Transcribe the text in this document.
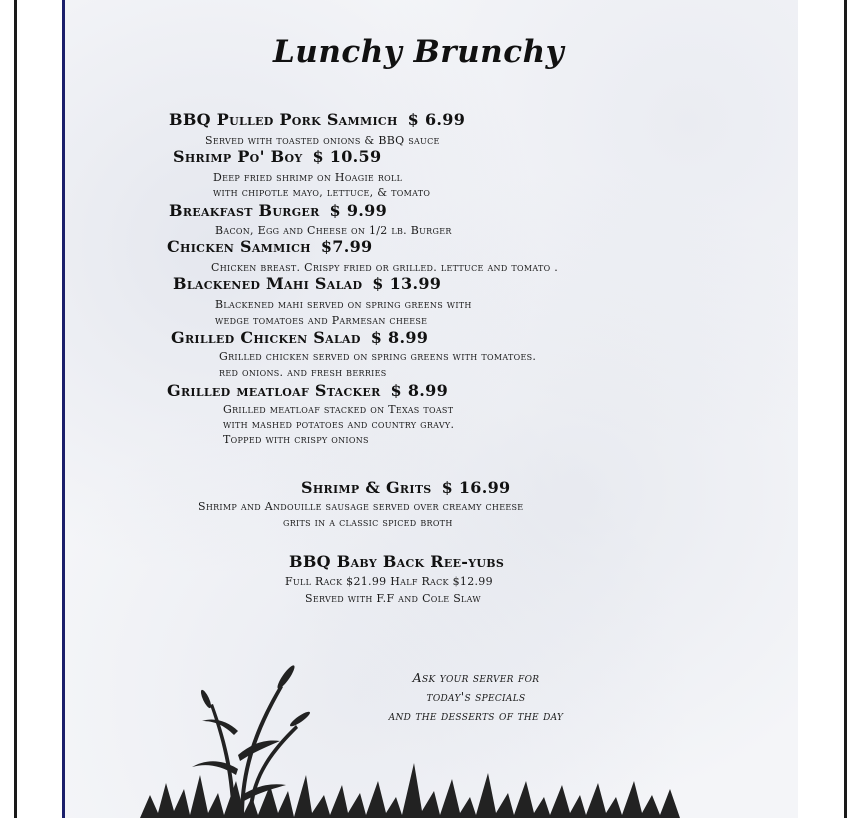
Lunchy Brunchy
BBQ Pulled Pork Sammich $ 6.99
Served with toasted onions & BBQ sauce
Shrimp Po' Boy $ 10.59
Deep fried shrimp on Hoagie roll
with chipotle mayo, lettuce, & tomato
Breakfast Burger $ 9.99
Bacon, Egg and Cheese on 1/2 lb. Burger
Chicken Sammich $7.99
Chicken breast. Crispy fried or grilled. lettuce and tomato .
Blackened Mahi Salad $ 13.99
Blackened mahi served on spring greens with
wedge tomatoes and Parmesan cheese
Grilled Chicken Salad $ 8.99
Grilled chicken served on spring greens with tomatoes.
red onions. and fresh berries
Grilled meatloaf Stacker $ 8.99
Grilled meatloaf stacked on Texas toast
with mashed potatoes and country gravy.
Topped with crispy onions
Shrimp & Grits $ 16.99
Shrimp and Andouille sausage served over creamy cheese
grits in a classic spiced broth
BBQ Baby Back Ree-yubs
Full Rack $21.99 Half Rack $12.99
Served with F.F and Cole Slaw
Ask your server for
today's specials
and the desserts of the day
